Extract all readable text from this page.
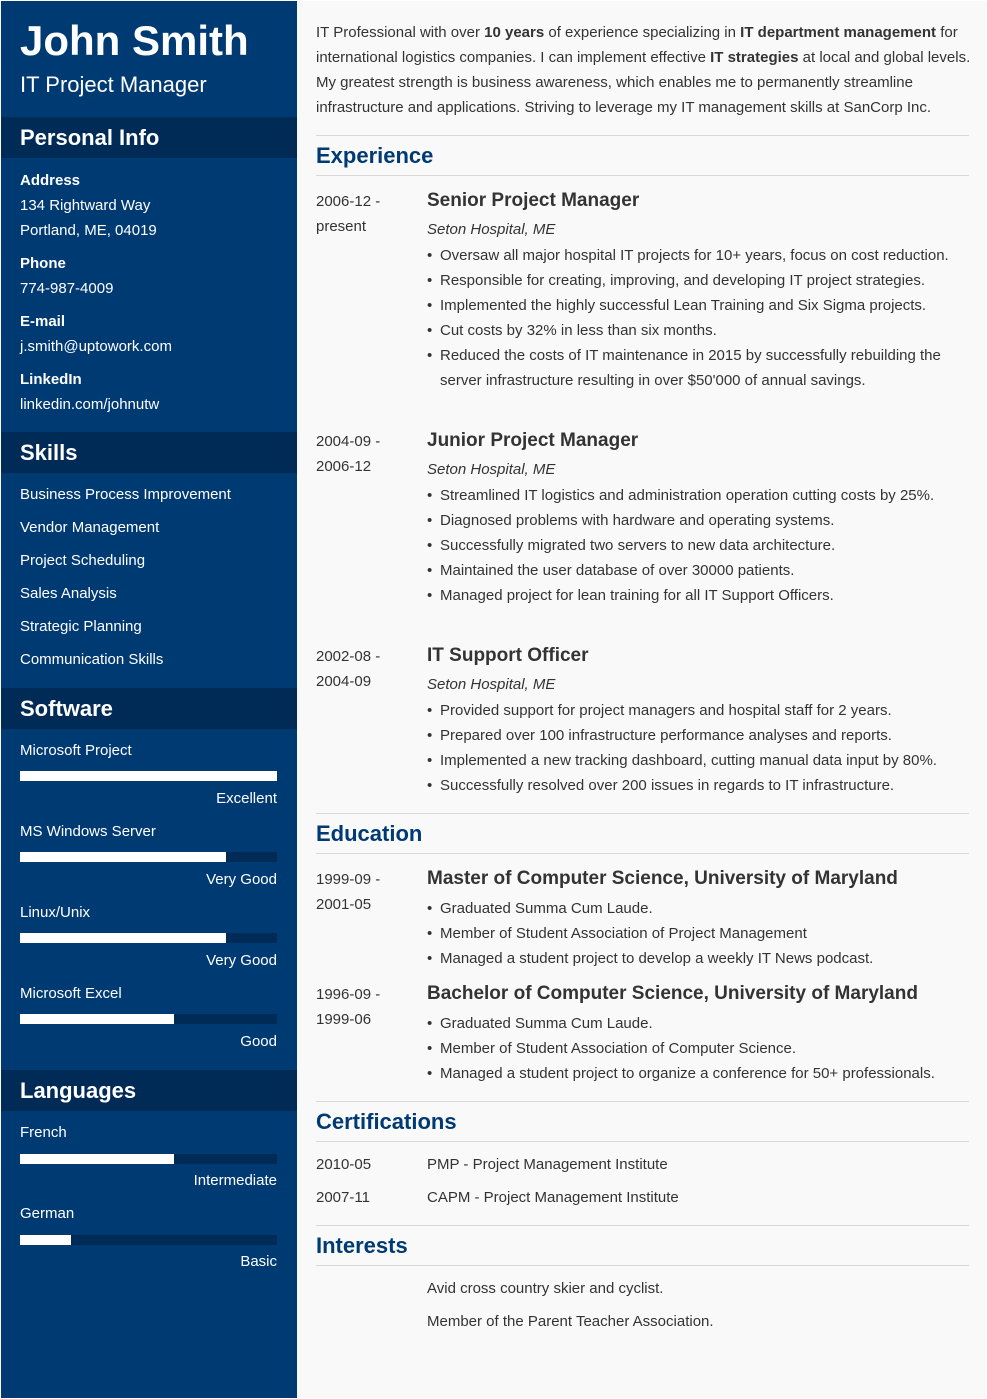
John Smith
IT Project Manager
Personal Info
Address
134 Rightward Way
Portland, ME, 04019
Phone
774-987-4009
E-mail
j.smith@uptowork.com
LinkedIn
linkedin.com/johnutw
Skills
Business Process Improvement
Vendor Management
Project Scheduling
Sales Analysis
Strategic Planning
Communication Skills
Software
Microsoft Project
Excellent
MS Windows Server
Very Good
Linux/Unix
Very Good
Microsoft Excel
Good
Languages
French
Intermediate
German
Basic

IT Professional with over 10 years of experience specializing in IT department management for international logistics companies. I can implement effective IT strategies at local and global levels. My greatest strength is business awareness, which enables me to permanently streamline infrastructure and applications. Striving to leverage my IT management skills at SanCorp Inc.

Experience
2006-12 -
present
Senior Project Manager
Seton Hospital, ME
• Oversaw all major hospital IT projects for 10+ years, focus on cost reduction.
• Responsible for creating, improving, and developing IT project strategies.
• Implemented the highly successful Lean Training and Six Sigma projects.
• Cut costs by 32% in less than six months.
• Reduced the costs of IT maintenance in 2015 by successfully rebuilding the server infrastructure resulting in over $50'000 of annual savings.
2004-09 -
2006-12
Junior Project Manager
Seton Hospital, ME
• Streamlined IT logistics and administration operation cutting costs by 25%.
• Diagnosed problems with hardware and operating systems.
• Successfully migrated two servers to new data architecture.
• Maintained the user database of over 30000 patients.
• Managed project for lean training for all IT Support Officers.
2002-08 -
2004-09
IT Support Officer
Seton Hospital, ME
• Provided support for project managers and hospital staff for 2 years.
• Prepared over 100 infrastructure performance analyses and reports.
• Implemented a new tracking dashboard, cutting manual data input by 80%.
• Successfully resolved over 200 issues in regards to IT infrastructure.
Education
1999-09 -
2001-05
Master of Computer Science, University of Maryland
• Graduated Summa Cum Laude.
• Member of Student Association of Project Management
• Managed a student project to develop a weekly IT News podcast.
1996-09 -
1999-06
Bachelor of Computer Science, University of Maryland
• Graduated Summa Cum Laude.
• Member of Student Association of Computer Science.
• Managed a student project to organize a conference for 50+ professionals.
Certifications
2010-05	PMP - Project Management Institute
2007-11	CAPM - Project Management Institute
Interests
Avid cross country skier and cyclist.
Member of the Parent Teacher Association.
